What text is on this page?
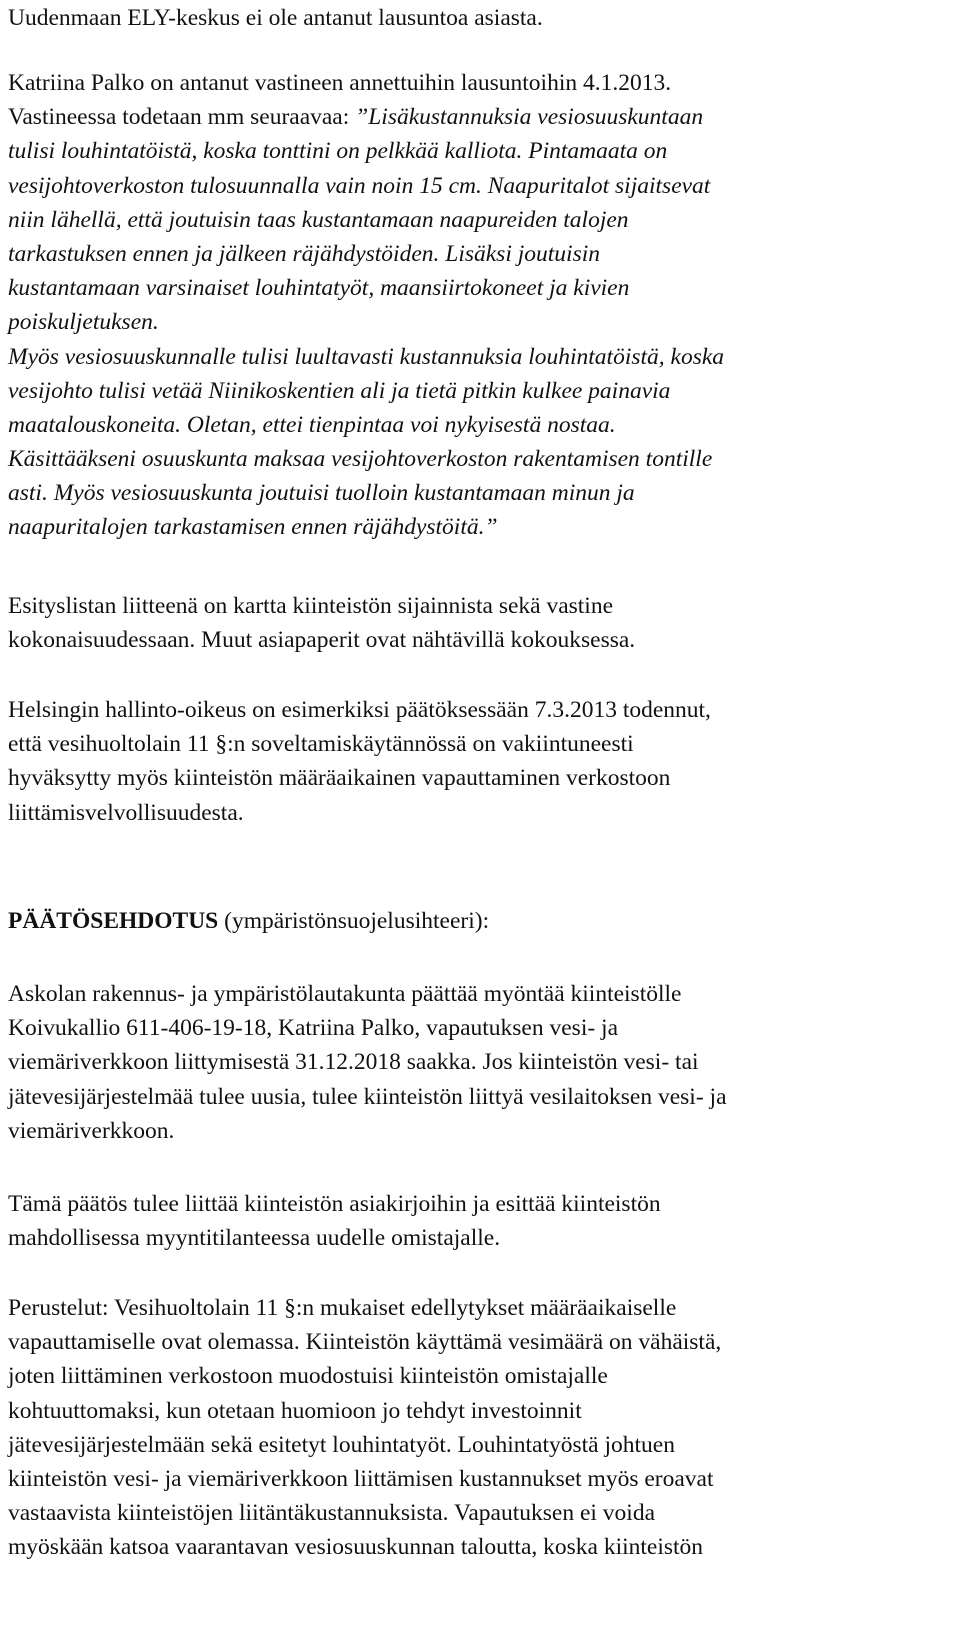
Uudenmaan ELY-keskus ei ole antanut lausuntoa asiasta.
Katriina Palko on antanut vastineen annettuihin lausuntoihin 4.1.2013.
Vastineessa todetaan mm seuraavaa: ”Lisäkustannuksia vesiosuuskuntaan
tulisi louhintatöistä, koska tonttini on pelkkää kalliota. Pintamaata on
vesijohtoverkoston tulosuunnalla vain noin 15 cm. Naapuritalot sijaitsevat
niin lähellä, että joutuisin taas kustantamaan naapureiden talojen
tarkastuksen ennen ja jälkeen räjähdystöiden. Lisäksi joutuisin
kustantamaan varsinaiset louhintatyöt, maansiirtokoneet ja kivien
poiskuljetuksen.
Myös vesiosuuskunnalle tulisi luultavasti kustannuksia louhintatöistä, koska
vesijohto tulisi vetää Niinikoskentien ali ja tietä pitkin kulkee painavia
maatalouskoneita. Oletan, ettei tienpintaa voi nykyisestä nostaa.
Käsittääkseni osuuskunta maksaa vesijohtoverkoston rakentamisen tontille
asti. Myös vesiosuuskunta joutuisi tuolloin kustantamaan minun ja
naapuritalojen tarkastamisen ennen räjähdystöitä.”
Esityslistan liitteenä on kartta kiinteistön sijainnista sekä vastine
kokonaisuudessaan. Muut asiapaperit ovat nähtävillä kokouksessa.
Helsingin hallinto-oikeus on esimerkiksi päätöksessään 7.3.2013 todennut,
että vesihuoltolain 11 §:n soveltamiskäytännössä on vakiintuneesti
hyväksytty myös kiinteistön määräaikainen vapauttaminen verkostoon
liittämisvelvollisuudesta.
PÄÄTÖSEHDOTUS (ympäristönsuojelusihteeri):
Askolan rakennus- ja ympäristölautakunta päättää myöntää kiinteistölle
Koivukallio 611-406-19-18, Katriina Palko, vapautuksen vesi- ja
viemäriverkkoon liittymisestä 31.12.2018 saakka. Jos kiinteistön vesi- tai
jätevesijärjestelmää tulee uusia, tulee kiinteistön liittyä vesilaitoksen vesi- ja
viemäriverkkoon.
Tämä päätös tulee liittää kiinteistön asiakirjoihin ja esittää kiinteistön
mahdollisessa myyntitilanteessa uudelle omistajalle.
Perustelut: Vesihuoltolain 11 §:n mukaiset edellytykset määräaikaiselle
vapauttamiselle ovat olemassa. Kiinteistön käyttämä vesimäärä on vähäistä,
joten liittäminen verkostoon muodostuisi kiinteistön omistajalle
kohtuuttomaksi, kun otetaan huomioon jo tehdyt investoinnit
jätevesijärjestelmään sekä esitetyt louhintatyöt. Louhintatyöstä johtuen
kiinteistön vesi- ja viemäriverkkoon liittämisen kustannukset myös eroavat
vastaavista kiinteistöjen liitäntäkustannuksista. Vapautuksen ei voida
myöskään katsoa vaarantavan vesiosuuskunnan taloutta, koska kiinteistön
